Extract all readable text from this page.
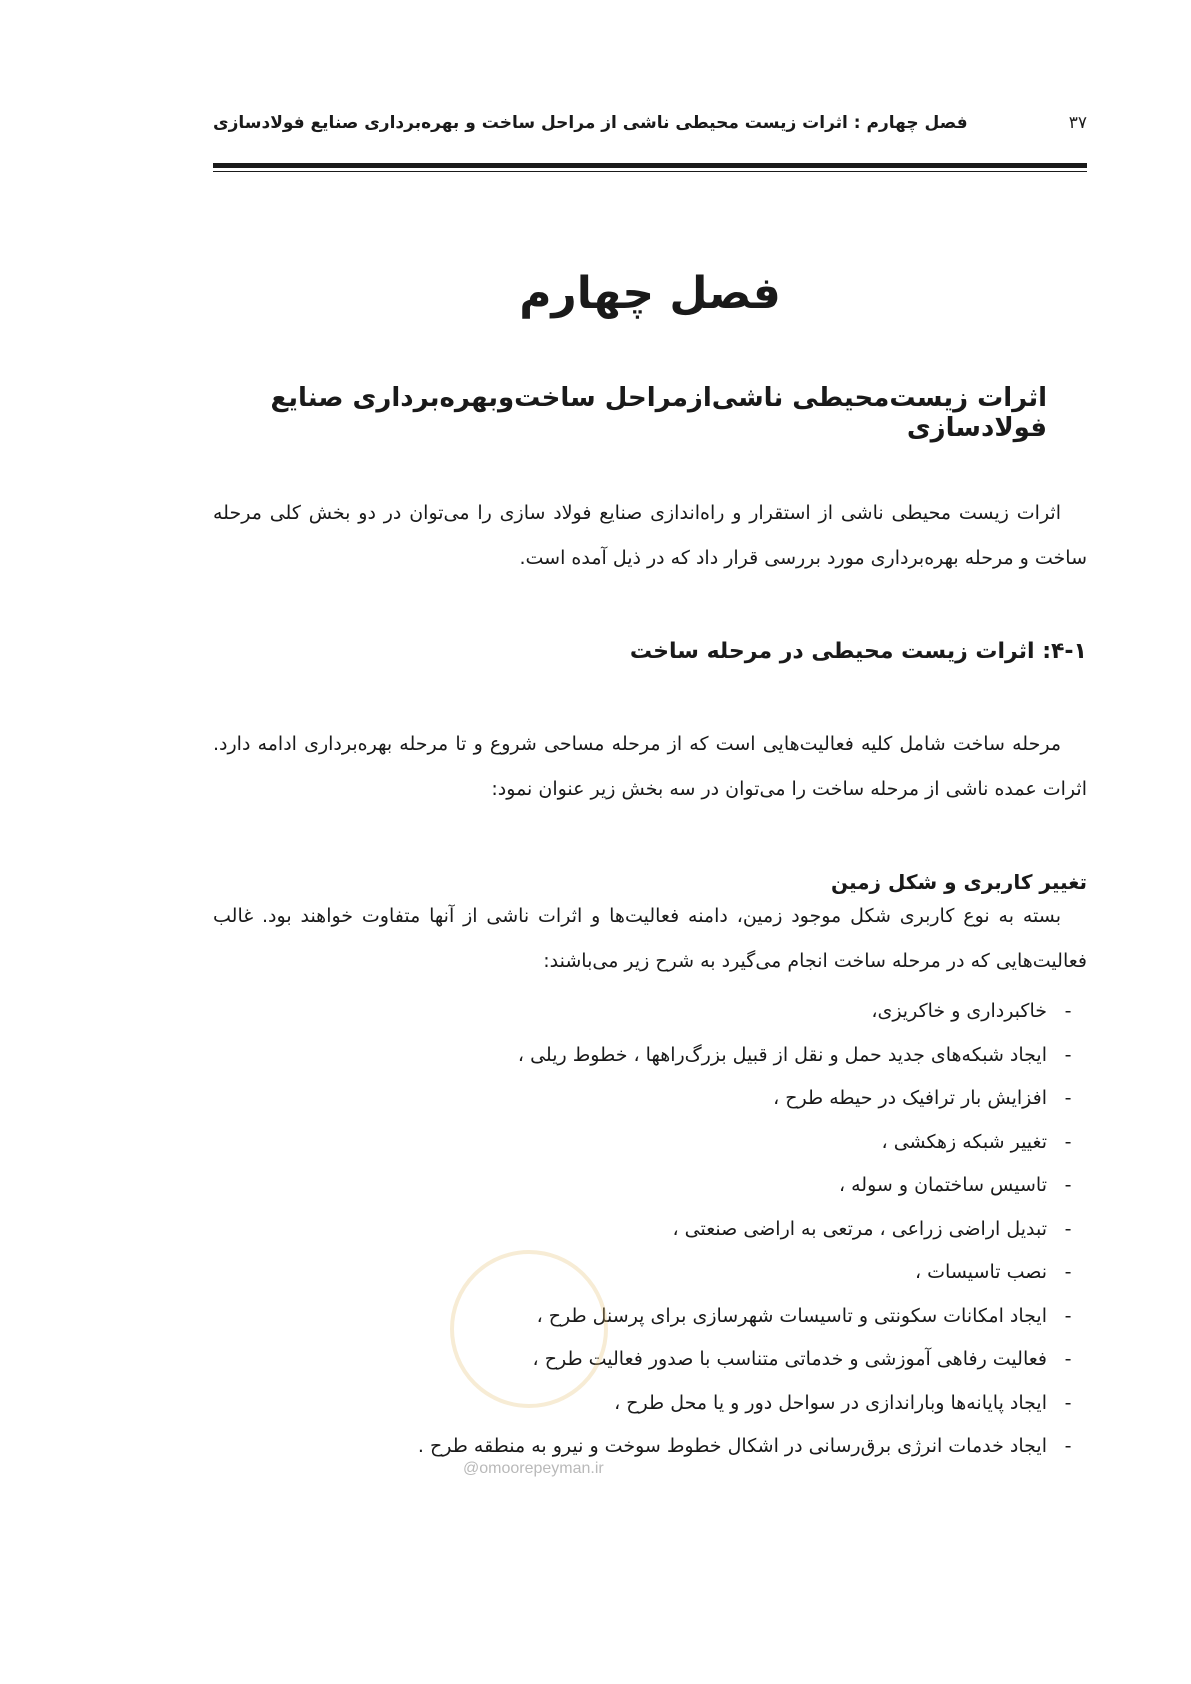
فصل چهارم : اثرات زیست محیطی ناشی از مراحل ساخت و بهره‌برداری صنایع فولادسازی	۳۷
فصل چهارم
اثرات زیست‌محیطی ناشی‌ازمراحل ساخت‌وبهره‌برداری صنایع فولادسازی

اثرات زیست محیطی ناشی از استقرار و راه‌اندازی صنایع فولاد سازی را می‌توان در دو بخش کلی مرحله ساخت و مرحله بهره‌برداری مورد بررسی قرار داد که در ذیل آمده است.

۴-۱: اثرات زیست محیطی در مرحله ساخت

مرحله ساخت شامل کلیه فعالیت‌هایی است که از مرحله مساحی شروع و تا مرحله بهره‌برداری ادامه دارد. اثرات عمده ناشی از مرحله ساخت را می‌توان در سه بخش زیر عنوان نمود:

تغییر کاربری و شکل زمین

بسته به نوع کاربری شکل موجود زمین، دامنه فعالیت‌ها و اثرات ناشی از آنها متفاوت خواهند بود. غالب فعالیت‌هایی که در مرحله ساخت انجام می‌گیرد به شرح زیر می‌باشند:

-
خاکبرداری و خاکریزی،
-
ایجاد شبکه‌های جدید حمل و نقل از قبیل بزرگ‌راهها ، خطوط ریلی ،
-
افزایش بار ترافیک در حیطه طرح ،
-
تغییر شبکه زهکشی ،
-
تاسیس ساختمان و سوله ،
-
تبدیل اراضی زراعی ، مرتعی به اراضی صنعتی ،
-
نصب تاسیسات ،
-
ایجاد امکانات سکونتی و تاسیسات شهرسازی برای پرسنل طرح ،
-
فعالیت رفاهی آموزشی و خدماتی متناسب با صدور فعالیت طرح ،
-
ایجاد پایانه‌ها وباراندازی در سواحل دور و یا محل طرح ،
-
ایجاد خدمات انرژی برق‌رسانی در اشکال خطوط سوخت و نیرو به منطقه طرح .
@omoorepeyman.ir
